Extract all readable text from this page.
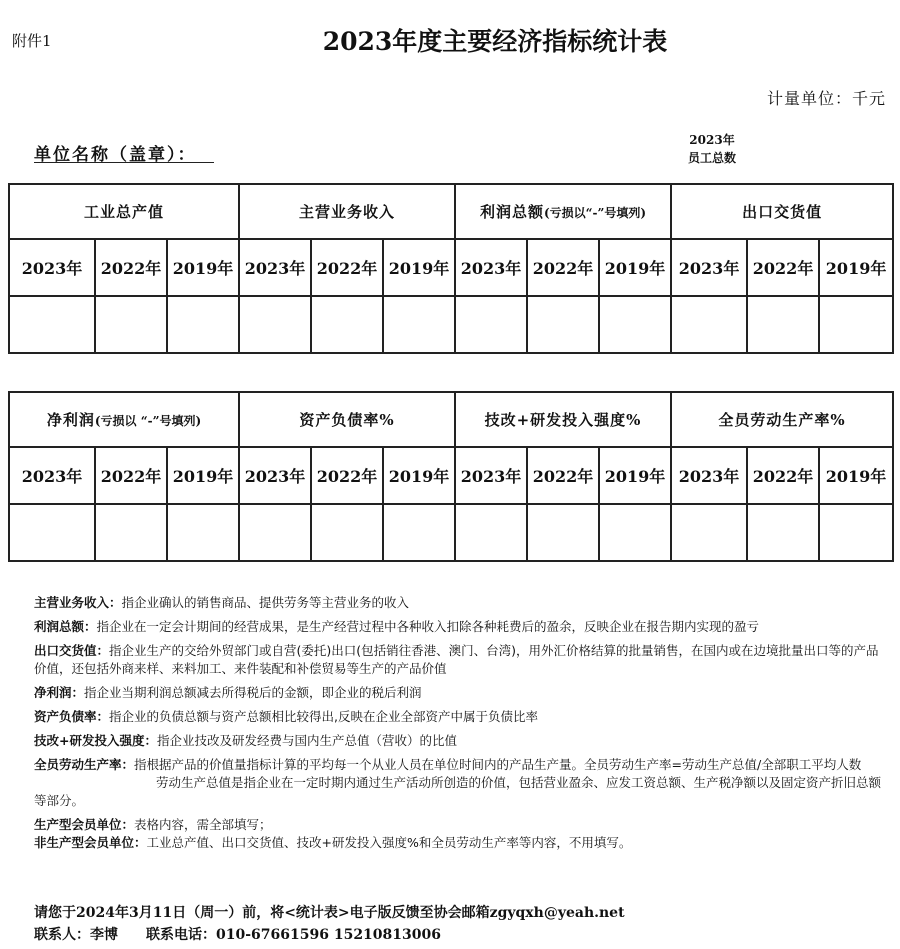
附件1	2023年度主要经济指标统计表
计量单位：千元
单位名称（盖章）：
2023年
员工总数
工业总产值			主营业务收入			利润总额(亏损以“-”号填列)			出口交货值		
2023年	2022年	2019年	2023年	2022年	2019年	2023年	2022年	2019年	2023年	2022年	2019年

净利润(亏损以 “-”号填列)			资产负债率%			技改+研发投入强度%			全员劳动生产率%		
2023年	2022年	2019年	2023年	2022年	2019年	2023年	2022年	2019年	2023年	2022年	2019年

主营业务收入：指企业确认的销售商品、提供劳务等主营业务的收入

利润总额：指企业在一定会计期间的经营成果，是生产经营过程中各种收入扣除各种耗费后的盈余，反映企业在报告期内实现的盈亏

出口交货值：指企业生产的交给外贸部门或自营(委托)出口(包括销往香港、澳门、台湾)，用外汇价格结算的批量销售，在国内或在边境批量出口等的产品价值，还包括外商来样、来料加工、来件装配和补偿贸易等生产的产品价值

净利润：指企业当期利润总额减去所得税后的金额，即企业的税后利润

资产负债率：指企业的负债总额与资产总额相比较得出,反映在企业全部资产中属于负债比率

技改+研发投入强度：指企业技改及研发经费与国内生产总值（营收）的比值

全员劳动生产率：指根据产品的价值量指标计算的平均每一个从业人员在单位时间内的产品生产量。全员劳动生产率=劳动生产总值/全部职工平均人数

劳动生产总值是指企业在一定时期内通过生产活动所创造的价值，包括营业盈余、应发工资总额、生产税净额以及固定资产折旧总额等部分。

生产型会员单位：表格内容，需全部填写；

非生产型会员单位：工业总产值、出口交货值、技改+研发投入强度%和全员劳动生产率等内容，不用填写。

请您于2024年3月11日（周一）前，将<统计表>电子版反馈至协会邮箱zgyqxh@yeah.net
联系人：李博 联系电话：010-67661596 15210813006
